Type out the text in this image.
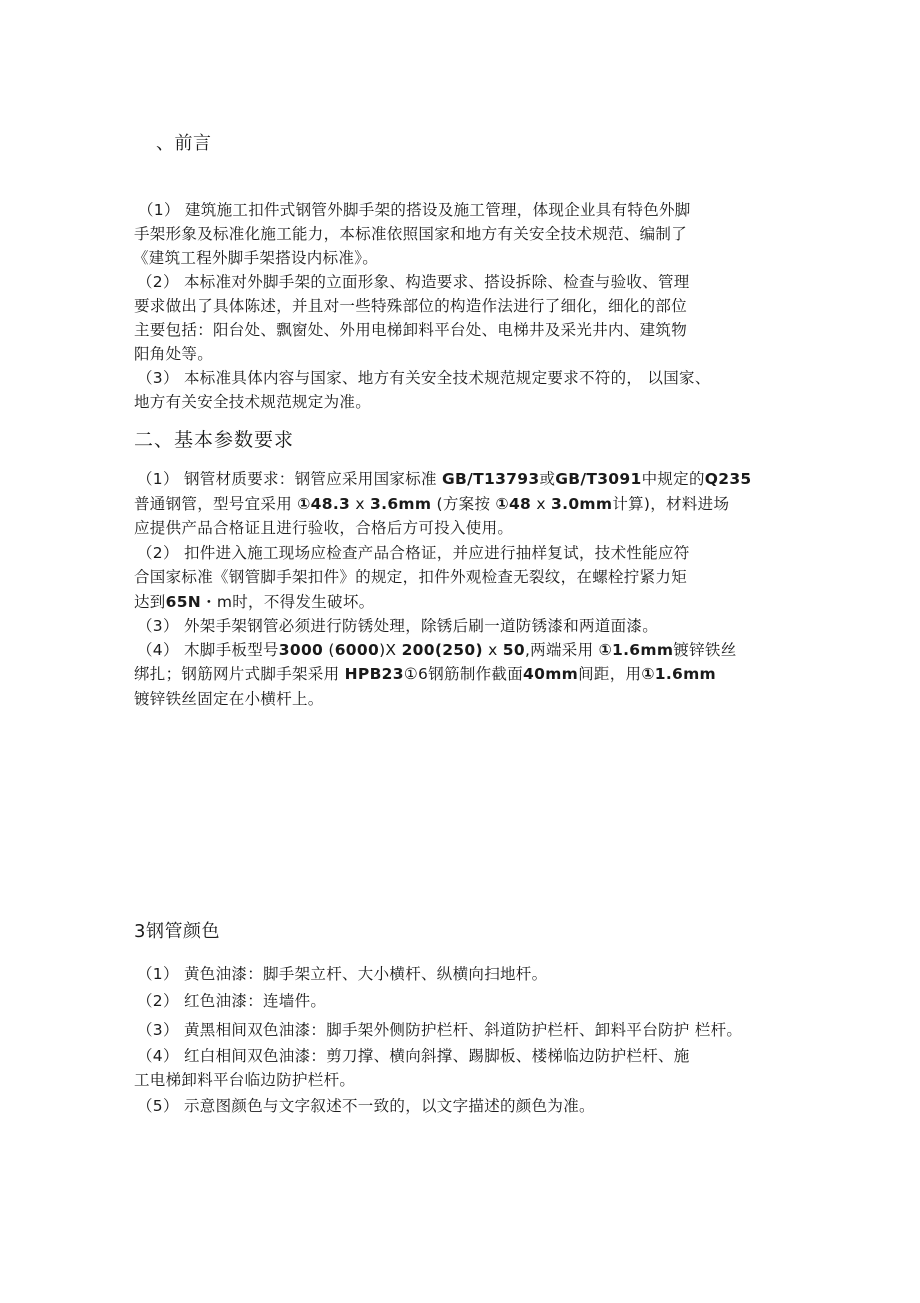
、前言
（1） 建筑施工扣件式钢管外脚手架的搭设及施工管理，体现企业具有特色外脚
手架形象及标准化施工能力，本标准依照国家和地方有关安全技术规范、编制了
《建筑工程外脚手架搭设内标准》。
（2） 本标准对外脚手架的立面形象、构造要求、搭设拆除、检查与验收、管理
要求做出了具体陈述，并且对一些特殊部位的构造作法进行了细化，细化的部位
主要包括：阳台处、飘窗处、外用电梯卸料平台处、电梯井及采光井内、建筑物
阳角处等。
（3） 本标准具体内容与国家、地方有关安全技术规范规定要求不符的， 以国家、
地方有关安全技术规范规定为准。
二、基本参数要求
（1） 钢管材质要求：钢管应采用国家标准 GB/T13793或GB/T3091中规定的Q235
普通钢管，型号宜采用 ①48.3 x 3.6mm (方案按 ①48 x 3.0mm计算)，材料进场
应提供产品合格证且进行验收，合格后方可投入使用。
（2） 扣件进入施工现场应检查产品合格证，并应进行抽样复试，技术性能应符
合国家标准《钢管脚手架扣件》的规定，扣件外观检查无裂纹，在螺栓拧紧力矩
达到65N・m时，不得发生破坏。
（3） 外架手架钢管必须进行防锈处理，除锈后刷一道防锈漆和两道面漆。
（4） 木脚手板型号3000 (6000)X 200(250) x 50,两端采用 ①1.6mm镀锌铁丝
绑扎；钢筋网片式脚手架采用 HPB23①6钢筋制作截面40mm间距，用①1.6mm
镀锌铁丝固定在小横杆上。
3钢管颜色
（1） 黄色油漆：脚手架立杆、大小横杆、纵横向扫地杆。
（2） 红色油漆：连墙件。
（3） 黄黑相间双色油漆：脚手架外侧防护栏杆、斜道防护栏杆、卸料平台防护 栏杆。
（4） 红白相间双色油漆：剪刀撑、横向斜撑、踢脚板、楼梯临边防护栏杆、施
工电梯卸料平台临边防护栏杆。
（5） 示意图颜色与文字叙述不一致的，以文字描述的颜色为准。
